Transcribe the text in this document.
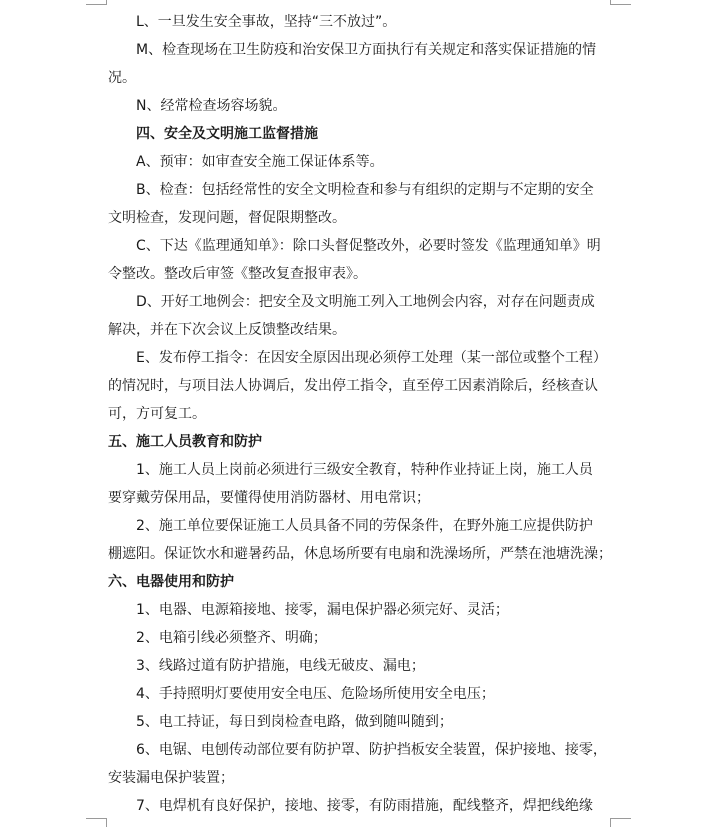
L、一旦发生安全事故，坚持“三不放过”。

M、检查现场在卫生防疫和治安保卫方面执行有关规定和落实保证措施的情

况。

N、经常检查场容场貌。

四、安全及文明施工监督措施

A、预审：如审查安全施工保证体系等。

B、检查：包括经常性的安全文明检查和参与有组织的定期与不定期的安全

文明检查，发现问题，督促限期整改。

C、下达《监理通知单》：除口头督促整改外，必要时签发《监理通知单》明

令整改。整改后审签《整改复查报审表》。

D、开好工地例会：把安全及文明施工列入工地例会内容，对存在问题责成

解决，并在下次会议上反馈整改结果。

E、发布停工指令：在因安全原因出现必须停工处理（某一部位或整个工程）

的情况时，与项目法人协调后，发出停工指令，直至停工因素消除后，经核查认

可，方可复工。

五、施工人员教育和防护

1、施工人员上岗前必须进行三级安全教育，特种作业持证上岗，施工人员

要穿戴劳保用品，要懂得使用消防器材、用电常识；

2、施工单位要保证施工人员具备不同的劳保条件，在野外施工应提供防护

棚遮阳。保证饮水和避暑药品，休息场所要有电扇和洗澡场所，严禁在池塘洗澡；

六、电器使用和防护

1、电器、电源箱接地、接零，漏电保护器必须完好、灵活；

2、电箱引线必须整齐、明确；

3、线路过道有防护措施，电线无破皮、漏电；

4、手持照明灯要使用安全电压、危险场所使用安全电压；

5、电工持证，每日到岗检查电路，做到随叫随到；

6、电锯、电刨传动部位要有防护罩、防护挡板安全装置，保护接地、接零，

安装漏电保护装置；

7、电焊机有良好保护，接地、接零，有防雨措施，配线整齐，焊把线绝缘
